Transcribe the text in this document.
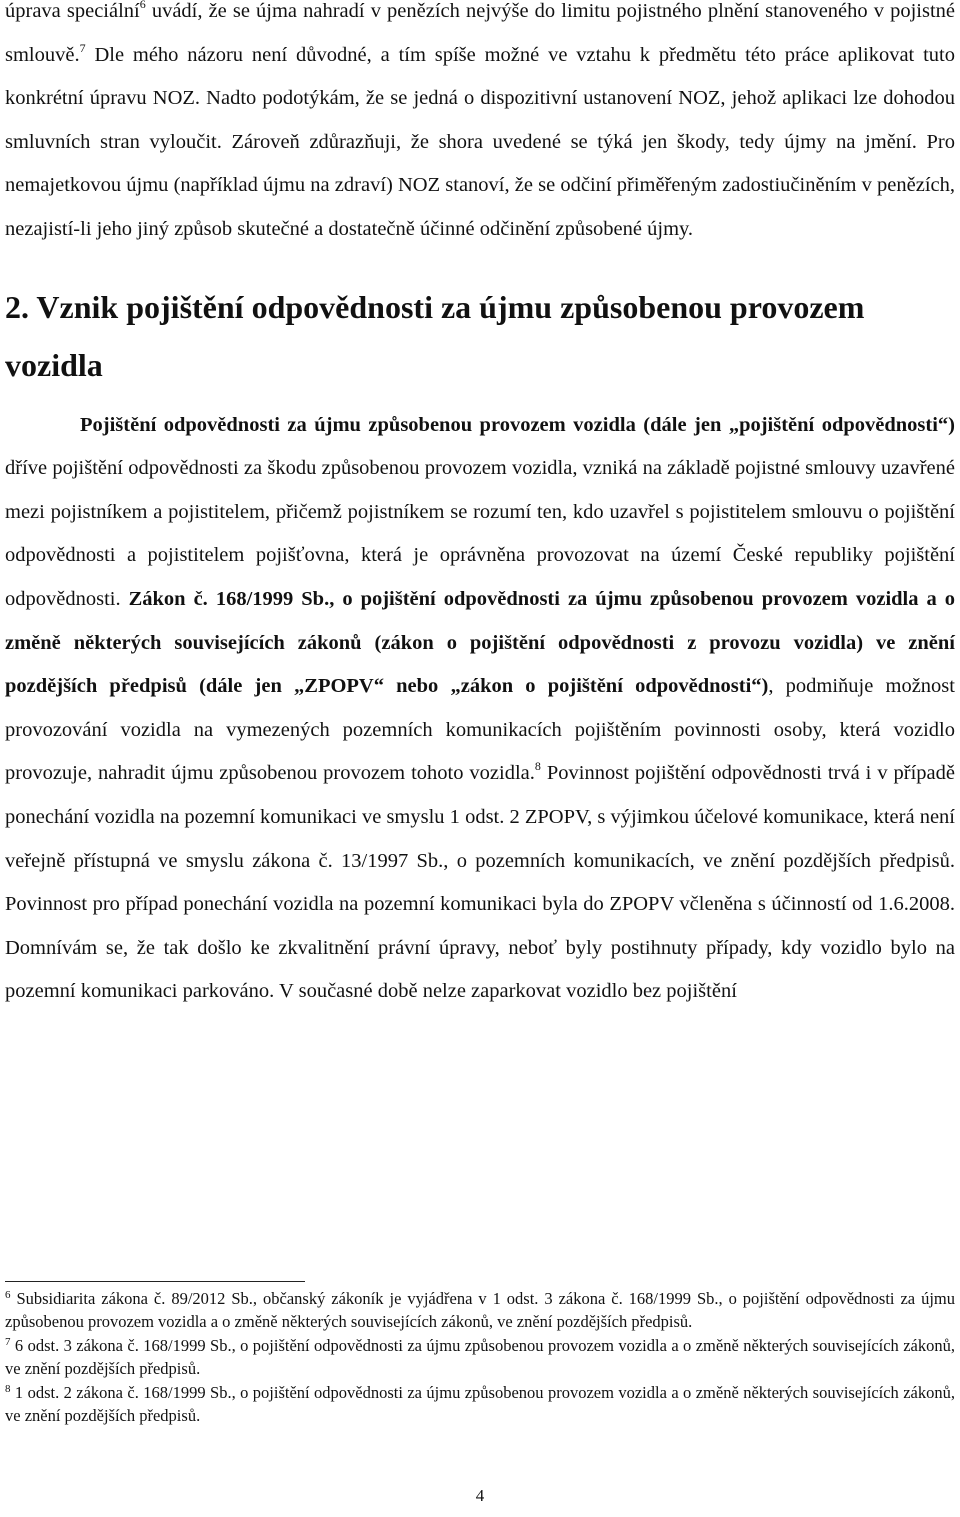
úprava speciální$^6$ uvádí, že se újma nahradí v penězích nejvýše do limitu pojistného plnění stanoveného v pojistné smlouvě.$^7$ Dle mého názoru není důvodné, a tím spíše možné ve vztahu k předmětu této práce aplikovat tuto konkrétní úpravu NOZ. Nadto podotýkám, že se jedná o dispozitivní ustanovení NOZ, jehož aplikaci lze dohodou smluvních stran vyloučit. Zároveň zdůrazňuji, že shora uvedené se týká jen škody, tedy újmy na jmění. Pro nemajetkovou újmu (například újmu na zdraví) NOZ stanoví, že se odčiní přiměřeným zadostiučiněním v penězích, nezajistí-li jeho jiný způsob skutečné a dostatečně účinné odčinění způsobené újmy.

2. Vznik pojištění odpovědnosti za újmu způsobenou provozem vozidla

Pojištění odpovědnosti za újmu způsobenou provozem vozidla (dále jen „pojištění odpovědnosti“) dříve pojištění odpovědnosti za škodu způsobenou provozem vozidla, vzniká na základě pojistné smlouvy uzavřené mezi pojistníkem a pojistitelem, přičemž pojistníkem se rozumí ten, kdo uzavřel s pojistitelem smlouvu o pojištění odpovědnosti a pojistitelem pojišťovna, která je oprávněna provozovat na území České republiky pojištění odpovědnosti. Zákon č. 168/1999 Sb., o pojištění odpovědnosti za újmu způsobenou provozem vozidla a o změně některých souvisejících zákonů (zákon o pojištění odpovědnosti z provozu vozidla) ve znění pozdějších předpisů (dále jen „ZPOPV“ nebo „zákon o pojištění odpovědnosti“), podmiňuje možnost provozování vozidla na vymezených pozemních komunikacích pojištěním povinnosti osoby, která vozidlo provozuje, nahradit újmu způsobenou provozem tohoto vozidla.$^8$ Povinnost pojištění odpovědnosti trvá i v případě ponechání vozidla na pozemní komunikaci ve smyslu 1 odst. 2 ZPOPV, s výjimkou účelové komunikace, která není veřejně přístupná ve smyslu zákona č. 13/1997 Sb., o pozemních komunikacích, ve znění pozdějších předpisů. Povinnost pro případ ponechání vozidla na pozemní komunikaci byla do ZPOPV včleněna s účinností od 1.6.2008. Domnívám se, že tak došlo ke zkvalitnění právní úpravy, neboť byly postihnuty případy, kdy vozidlo bylo na pozemní komunikaci parkováno. V současné době nelze zaparkovat vozidlo bez pojištění

$^6$ Subsidiarita zákona č. 89/2012 Sb., občanský zákoník je vyjádřena v 1 odst. 3 zákona č. 168/1999 Sb., o pojištění odpovědnosti za újmu způsobenou provozem vozidla a o změně některých souvisejících zákonů, ve znění pozdějších předpisů.

$^7$ 6 odst. 3 zákona č. 168/1999 Sb., o pojištění odpovědnosti za újmu způsobenou provozem vozidla a o změně některých souvisejících zákonů, ve znění pozdějších předpisů.

$^8$ 1 odst. 2 zákona č. 168/1999 Sb., o pojištění odpovědnosti za újmu způsobenou provozem vozidla a o změně některých souvisejících zákonů, ve znění pozdějších předpisů.

4
